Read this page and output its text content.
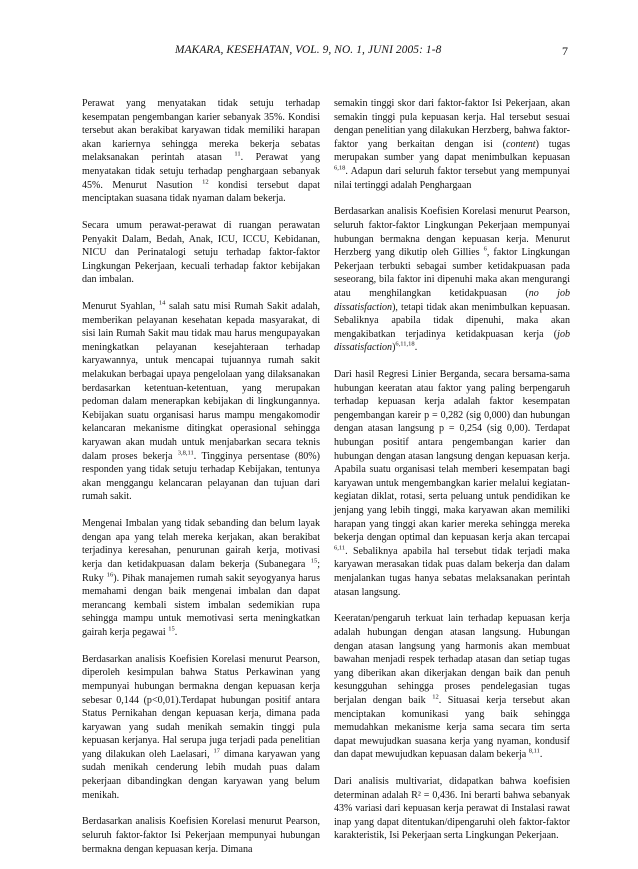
MAKARA, KESEHATAN, VOL. 9, NO. 1, JUNI 2005: 1-8	7

Perawat yang menyatakan tidak setuju terhadap kesempatan pengembangan karier sebanyak 35%. Kondisi tersebut akan berakibat karyawan tidak memiliki harapan akan kariernya sehingga mereka bekerja sebatas melaksanakan perintah atasan $^{11}$. Perawat yang menyatakan tidak setuju terhadap penghargaan sebanyak 45%. Menurut Nasution $^{12}$ kondisi tersebut dapat menciptakan suasana tidak nyaman dalam bekerja.

Secara umum perawat-perawat di ruangan perawatan Penyakit Dalam, Bedah, Anak, ICU, ICCU, Kebidanan, NICU dan Perinatalogi setuju terhadap faktor-faktor Lingkungan Pekerjaan, kecuali terhadap faktor kebijakan dan imbalan.

Menurut Syahlan, $^{14}$ salah satu misi Rumah Sakit adalah, memberikan pelayanan kesehatan kepada masyarakat, di sisi lain Rumah Sakit mau tidak mau harus mengupayakan meningkatkan pelayanan kesejahteraan terhadap karyawannya, untuk mencapai tujuannya rumah sakit melakukan berbagai upaya pengelolaan yang dilaksanakan berdasarkan ketentuan-ketentuan, yang merupakan pedoman dalam menerapkan kebijakan di lingkungannya. Kebijakan suatu organisasi harus mampu mengakomodir kelancaran mekanisme ditingkat operasional sehingga karyawan akan mudah untuk menjabarkan secara teknis dalam proses bekerja $^{3,8,11}$. Tingginya persentase (80%) responden yang tidak setuju terhadap Kebijakan, tentunya akan menggangu kelancaran pelayanan dan tujuan dari rumah sakit.

Mengenai Imbalan yang tidak sebanding dan belum layak dengan apa yang telah mereka kerjakan, akan berakibat terjadinya keresahan, penurunan gairah kerja, motivasi kerja dan ketidakpuasan dalam bekerja (Subanegara $^{15}$; Ruky $^{16}$). Pihak manajemen rumah sakit seyogyanya harus memahami dengan baik mengenai imbalan dan dapat merancang kembali sistem imbalan sedemikian rupa sehingga mampu untuk memotivasi serta meningkatkan gairah kerja pegawai $^{15}$.

Berdasarkan analisis Koefisien Korelasi menurut Pearson, diperoleh kesimpulan bahwa Status Perkawinan yang mempunyai hubungan bermakna dengan kepuasan kerja sebesar 0,144 (p<0,01).Terdapat hubungan positif antara Status Pernikahan dengan kepuasan kerja, dimana pada karyawan yang sudah menikah semakin tinggi pula kepuasan kerjanya. Hal serupa juga terjadi pada penelitian yang dilakukan oleh Laelasari, $^{17}$ dimana karyawan yang sudah menikah cenderung lebih mudah puas dalam pekerjaan dibandingkan dengan karyawan yang belum menikah.

Berdasarkan analisis Koefisien Korelasi menurut Pearson, seluruh faktor-faktor Isi Pekerjaan mempunyai hubungan bermakna dengan kepuasan kerja. Dimana

semakin tinggi skor dari faktor-faktor Isi Pekerjaan, akan semakin tinggi pula kepuasan kerja. Hal tersebut sesuai dengan penelitian yang dilakukan Herzberg, bahwa faktor-faktor yang berkaitan dengan isi (content) tugas merupakan sumber yang dapat menimbulkan kepuasan $^{6,18}$. Adapun dari seluruh faktor tersebut yang mempunyai nilai tertinggi adalah Penghargaan

Berdasarkan analisis Koefisien Korelasi menurut Pearson, seluruh faktor-faktor Lingkungan Pekerjaan mempunyai hubungan bermakna dengan kepuasan kerja. Menurut Herzberg yang dikutip oleh Gillies $^6$, faktor Lingkungan Pekerjaan terbukti sebagai sumber ketidakpuasan pada seseorang, bila faktor ini dipenuhi maka akan mengurangi atau menghilangkan ketidakpuasan (no job dissatisfaction), tetapi tidak akan menimbulkan kepuasan. Sebaliknya apabila tidak dipenuhi, maka akan mengakibatkan terjadinya ketidakpuasan kerja (job dissatisfaction)$^{6,11,18}$.

Dari hasil Regresi Linier Berganda, secara bersama-sama hubungan keeratan atau faktor yang paling berpengaruh terhadap kepuasan kerja adalah faktor kesempatan pengembangan kareir p = 0,282 (sig 0,000) dan hubungan dengan atasan langsung p = 0,254 (sig 0,00). Terdapat hubungan positif antara pengembangan karier dan hubungan dengan atasan langsung dengan kepuasan kerja. Apabila suatu organisasi telah memberi kesempatan bagi karyawan untuk mengembangkan karier melalui kegiatan-kegiatan diklat, rotasi, serta peluang untuk pendidikan ke jenjang yang lebih tinggi, maka karyawan akan memiliki harapan yang tinggi akan karier mereka sehingga mereka bekerja dengan optimal dan kepuasan kerja akan tercapai $^{6,11}$. Sebaliknya apabila hal tersebut tidak terjadi maka karyawan merasakan tidak puas dalam bekerja dan dalam menjalankan tugas hanya sebatas melaksanakan perintah atasan langsung.

Keeratan/pengaruh terkuat lain terhadap kepuasan kerja adalah hubungan dengan atasan langsung. Hubungan dengan atasan langsung yang harmonis akan membuat bawahan menjadi respek terhadap atasan dan setiap tugas yang diberikan akan dikerjakan dengan baik dan penuh kesungguhan sehingga proses pendelegasian tugas berjalan dengan baik $^{12}$. Situasai kerja tersebut akan menciptakan komunikasi yang baik sehingga memudahkan mekanisme kerja sama secara tim serta dapat mewujudkan suasana kerja yang nyaman, kondusif dan dapat mewujudkan kepuasan dalam bekerja $^{8,11}$.

Dari analisis multivariat, didapatkan bahwa koefisien determinan adalah R² = 0,436. Ini berarti bahwa sebanyak 43% variasi dari kepuasan kerja perawat di Instalasi rawat inap yang dapat ditentukan/dipengaruhi oleh faktor-faktor karakteristik, Isi Pekerjaan serta Lingkungan Pekerjaan.
